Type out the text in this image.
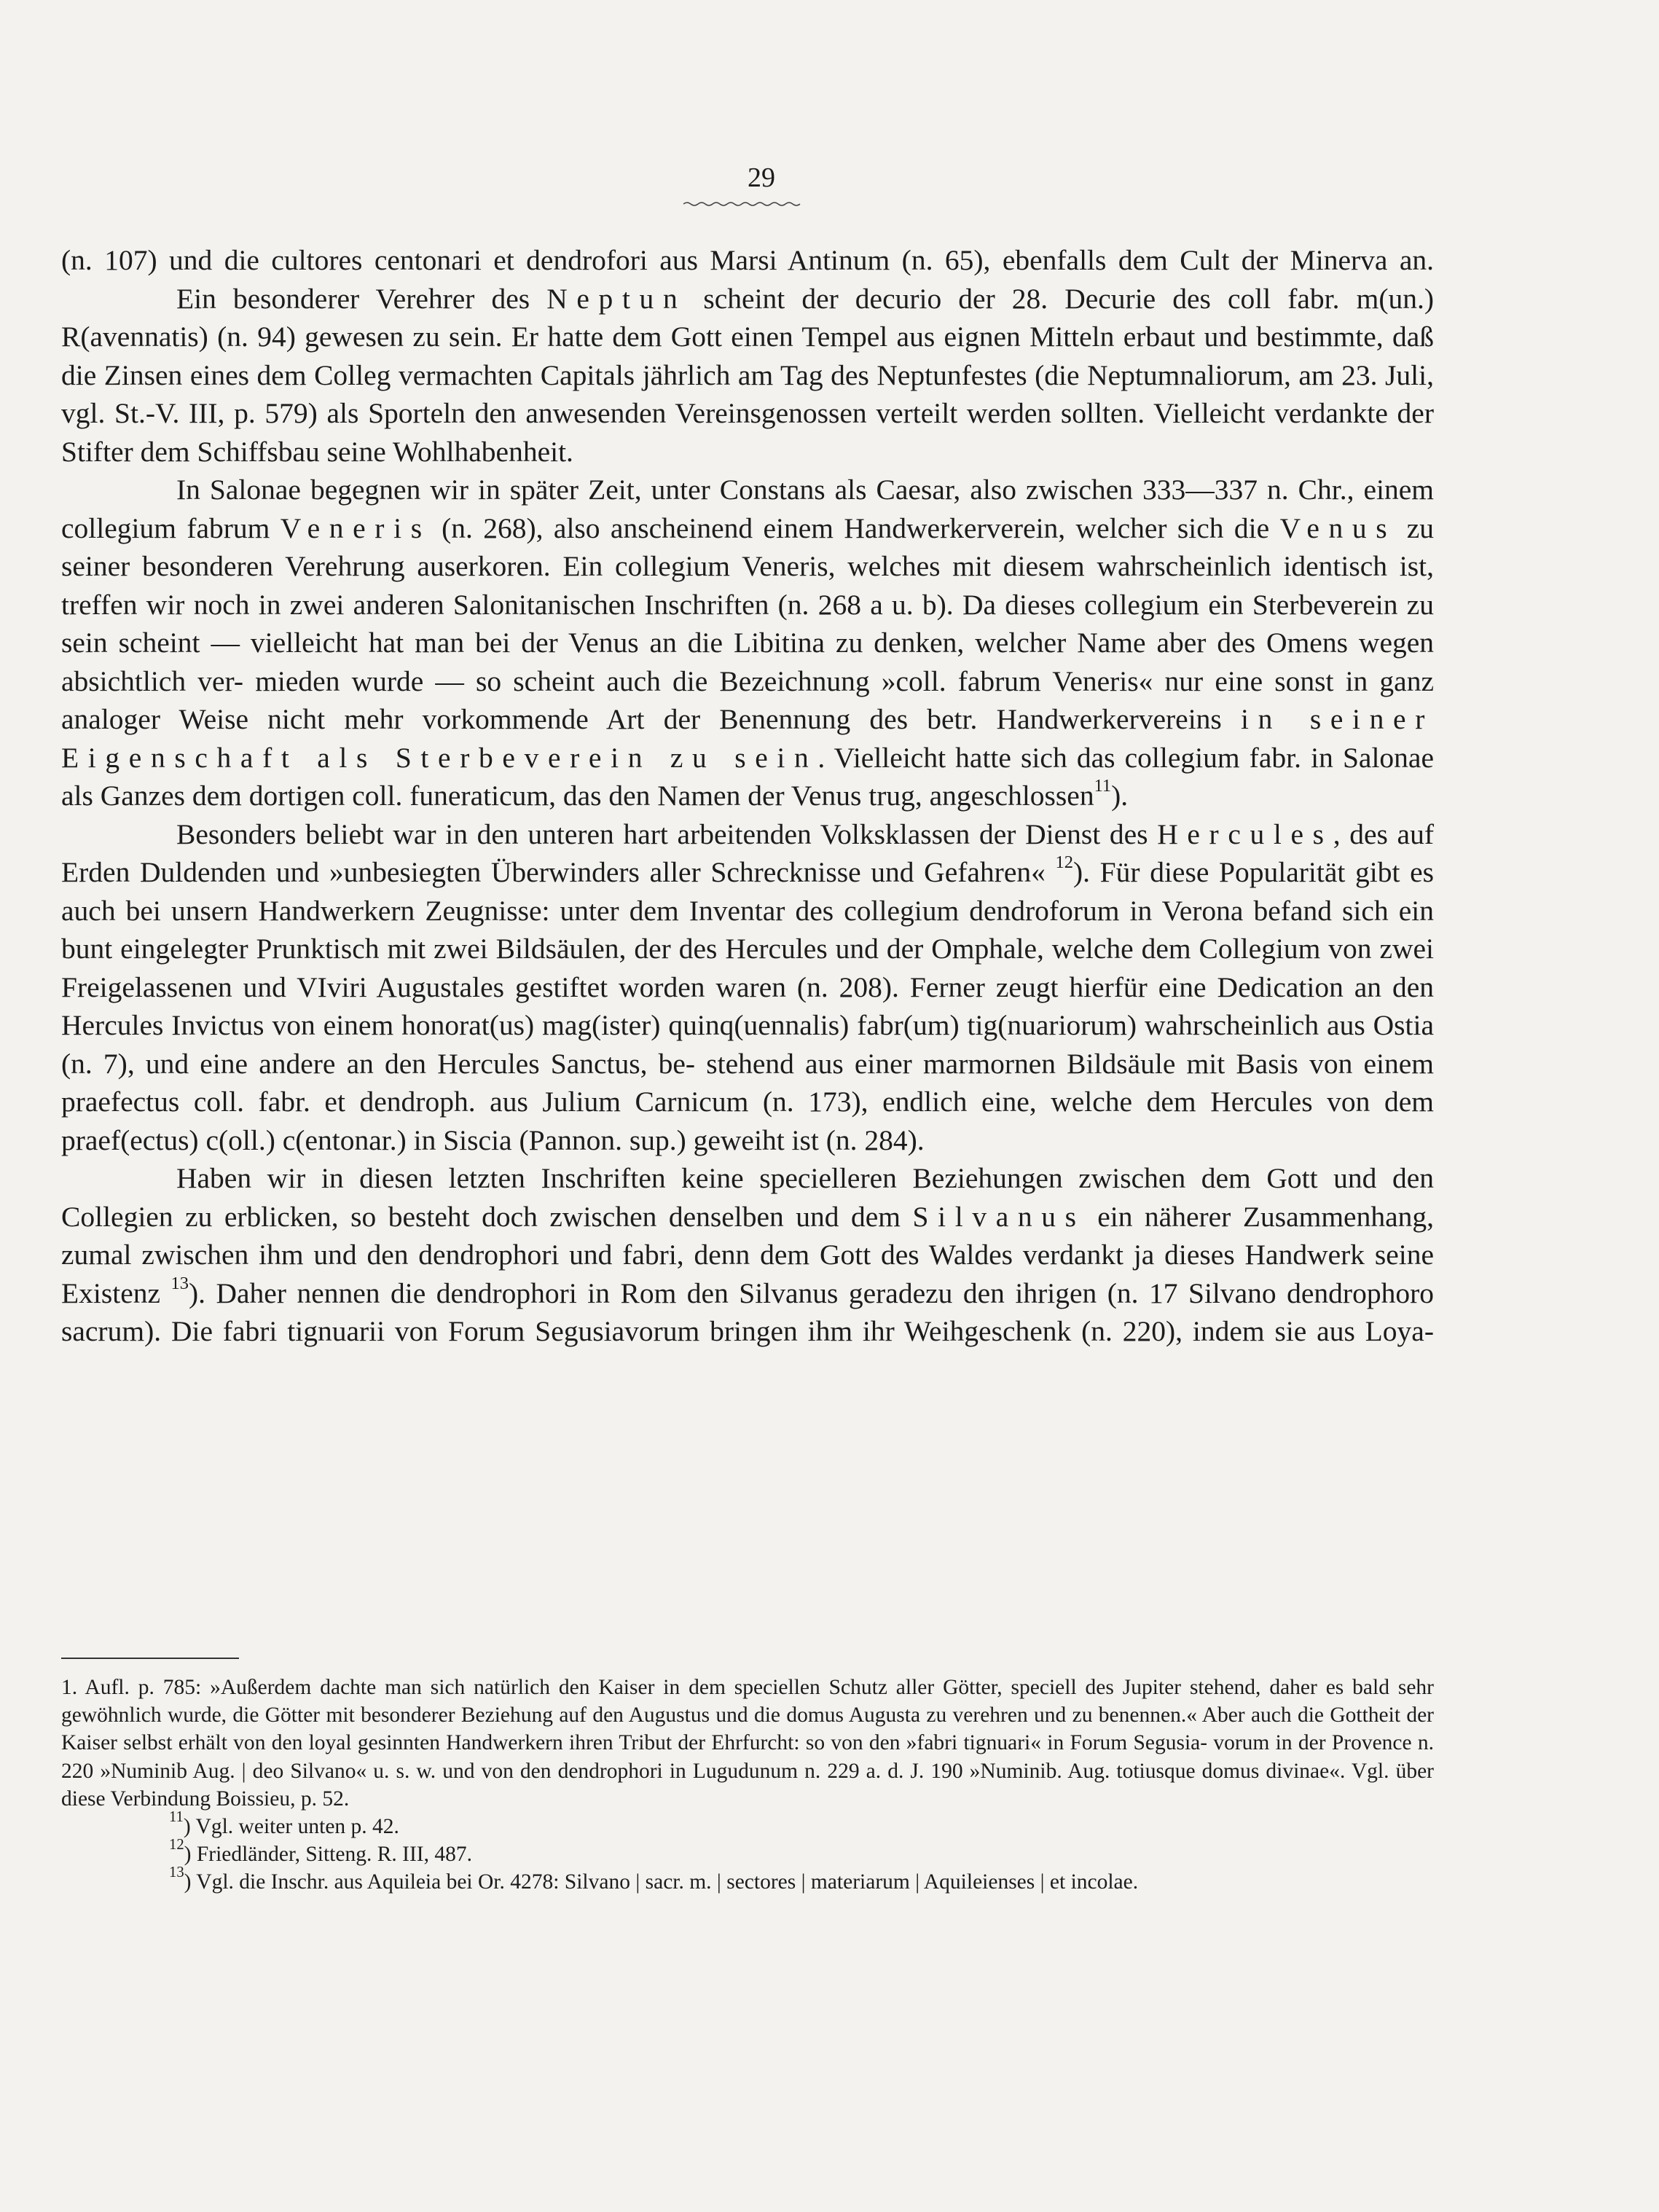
29

(n. 107) und die cultores centonari et dendrofori aus Marsi Antinum (n. 65), ebenfalls dem Cult der Minerva an.

Ein besonderer Verehrer des Neptun scheint der decurio der 28. Decurie des coll fabr. m(un.) R(avennatis) (n. 94) gewesen zu sein. Er hatte dem Gott einen Tempel aus eignen Mitteln erbaut und bestimmte, daß die Zinsen eines dem Colleg vermachten Capitals jährlich am Tag des Neptunfestes (die Neptumnaliorum, am 23. Juli, vgl. St.-V. III, p. 579) als Sporteln den anwesenden Vereinsgenossen verteilt werden sollten. Vielleicht verdankte der Stifter dem Schiffsbau seine Wohlhabenheit.

In Salonae begegnen wir in später Zeit, unter Constans als Caesar, also zwischen 333—337 n. Chr., einem collegium fabrum Veneris (n. 268), also anscheinend einem Handwerkerverein, welcher sich die Venus zu seiner besonderen Verehrung auserkoren. Ein collegium Veneris, welches mit diesem wahrscheinlich identisch ist, treffen wir noch in zwei anderen Salonitanischen Inschriften (n. 268 a u. b). Da dieses collegium ein Sterbeverein zu sein scheint — vielleicht hat man bei der Venus an die Libitina zu denken, welcher Name aber des Omens wegen absichtlich ver- mieden wurde — so scheint auch die Bezeichnung »coll. fabrum Veneris« nur eine sonst in ganz analoger Weise nicht mehr vorkommende Art der Benennung des betr. Handwerkervereins in seiner Eigenschaft als Sterbeverein zu sein. Vielleicht hatte sich das collegium fabr. in Salonae als Ganzes dem dortigen coll. funeraticum, das den Namen der Venus trug, angeschlossen$^{11}$).

Besonders beliebt war in den unteren hart arbeitenden Volksklassen der Dienst des Hercules, des auf Erden Duldenden und »unbesiegten Überwinders aller Schrecknisse und Gefahren« $^{12}$). Für diese Popularität gibt es auch bei unsern Handwerkern Zeugnisse: unter dem Inventar des collegium dendroforum in Verona befand sich ein bunt eingelegter Prunktisch mit zwei Bildsäulen, der des Hercules und der Omphale, welche dem Collegium von zwei Freigelassenen und VIviri Augustales gestiftet worden waren (n. 208). Ferner zeugt hierfür eine Dedication an den Hercules Invictus von einem honorat(us) mag(ister) quinq(uennalis) fabr(um) tig(nuariorum) wahrscheinlich aus Ostia (n. 7), und eine andere an den Hercules Sanctus, be- stehend aus einer marmornen Bildsäule mit Basis von einem praefectus coll. fabr. et dendroph. aus Julium Carnicum (n. 173), endlich eine, welche dem Hercules von dem praef(ectus) c(oll.) c(entonar.) in Siscia (Pannon. sup.) geweiht ist (n. 284).

Haben wir in diesen letzten Inschriften keine specielleren Beziehungen zwischen dem Gott und den Collegien zu erblicken, so besteht doch zwischen denselben und dem Silvanus ein näherer Zusammenhang, zumal zwischen ihm und den dendrophori und fabri, denn dem Gott des Waldes verdankt ja dieses Handwerk seine Existenz $^{13}$). Daher nennen die dendrophori in Rom den Silvanus geradezu den ihrigen (n. 17 Silvano dendrophoro sacrum). Die fabri tignuarii von Forum Segusiavorum bringen ihm ihr Weihgeschenk (n. 220), indem sie aus Loya-

1. Aufl. p. 785: »Außerdem dachte man sich natürlich den Kaiser in dem speciellen Schutz aller Götter, speciell des Jupiter stehend, daher es bald sehr gewöhnlich wurde, die Götter mit besonderer Beziehung auf den Augustus und die domus Augusta zu verehren und zu benennen.« Aber auch die Gottheit der Kaiser selbst erhält von den loyal gesinnten Handwerkern ihren Tribut der Ehrfurcht: so von den »fabri tignuari« in Forum Segusia- vorum in der Provence n. 220 »Numinib Aug. | deo Silvano« u. s. w. und von den dendrophori in Lugudunum n. 229 a. d. J. 190 »Numinib. Aug. totiusque domus divinae«. Vgl. über diese Verbindung Boissieu, p. 52.

$^{11}$) Vgl. weiter unten p. 42.

$^{12}$) Friedländer, Sitteng. R. III, 487.

$^{13}$) Vgl. die Inschr. aus Aquileia bei Or. 4278: Silvano | sacr. m. | sectores | materiarum | Aquileienses | et incolae.
